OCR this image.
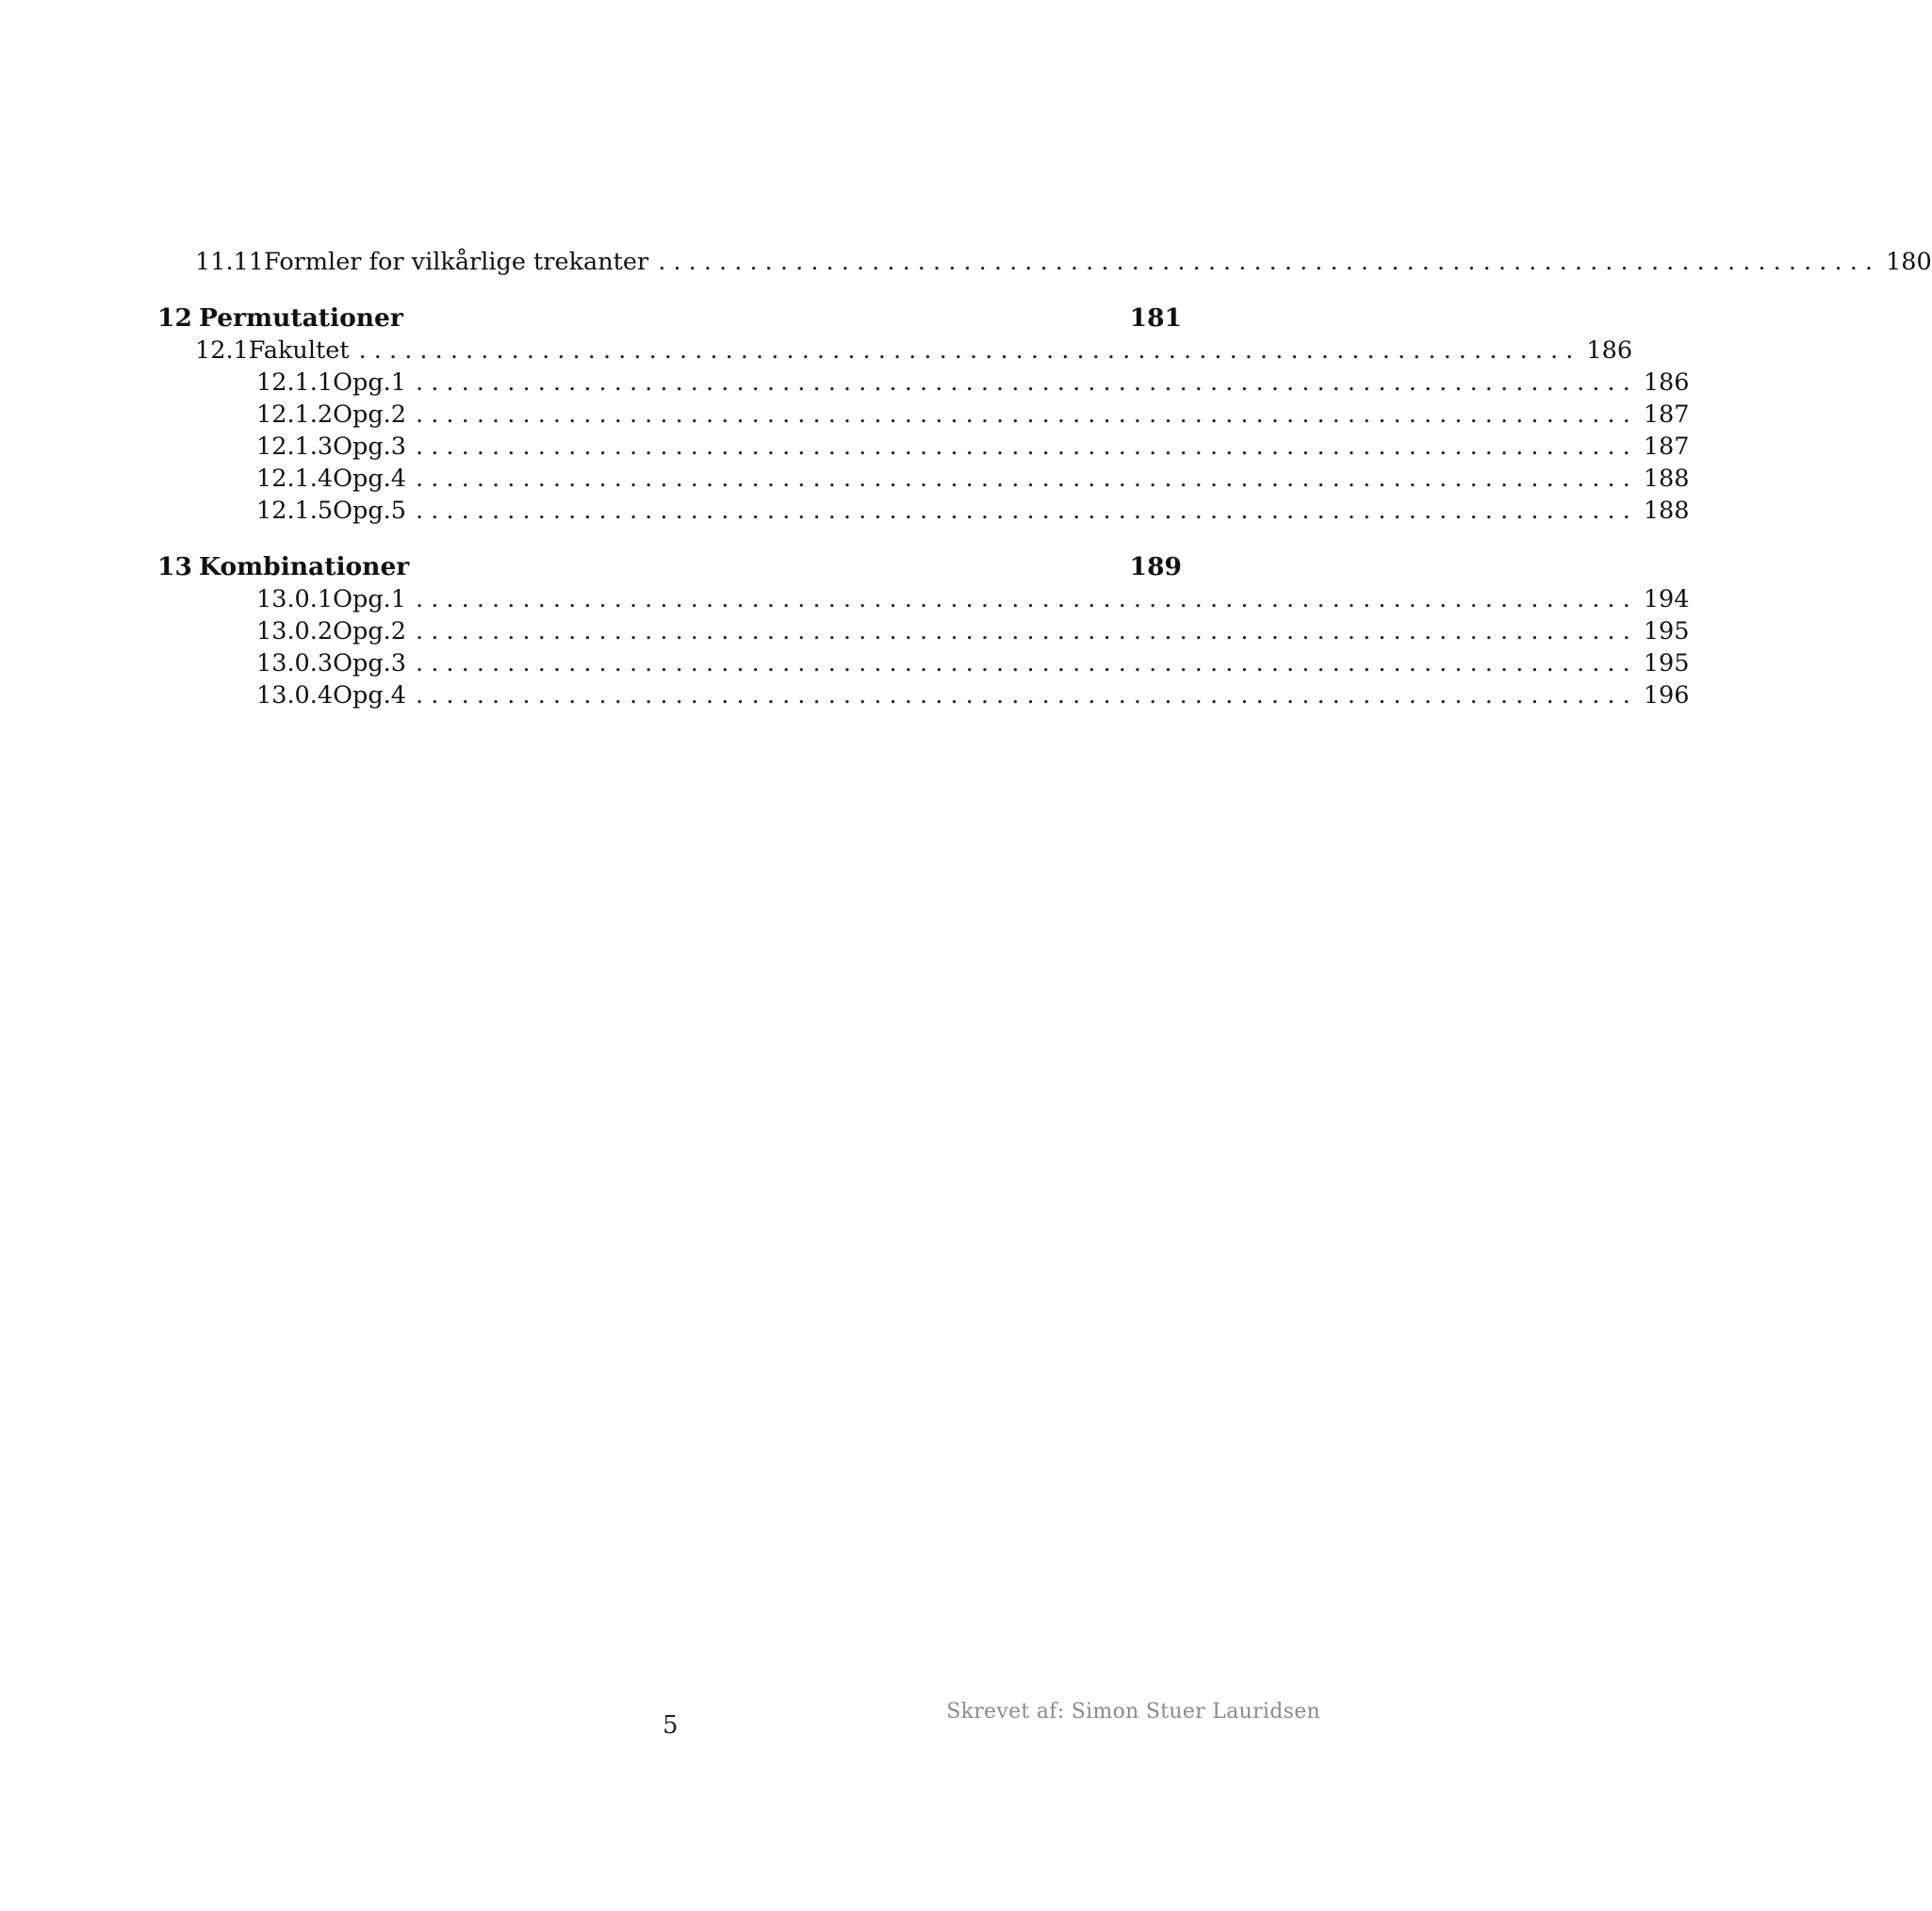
11.11 Formler for vilkårlige trekanter . . . . . . . . . . . . . . . . . . . . . . . . . . . . . . . . . . . . . . . . . . . . . . . . . . . . . . . . . . . . . . . . . . . . . . . . . . . . . . . . 180
12 Permutationer	181
12.1 Fakultet . . . . . . . . . . . . . . . . . . . . . . . . . . . . . . . . . . . . . . . . . . . . . . . . . . . . . . . . . . . . . . . . . . . . . . . . . . . . . . . . 186
12.1.1 Opg.1 . . . . . . . . . . . . . . . . . . . . . . . . . . . . . . . . . . . . . . . . . . . . . . . . . . . . . . . . . . . . . . . . . . . . . . . . . . . . . . . . 186
12.1.2 Opg.2 . . . . . . . . . . . . . . . . . . . . . . . . . . . . . . . . . . . . . . . . . . . . . . . . . . . . . . . . . . . . . . . . . . . . . . . . . . . . . . . . 187
12.1.3 Opg.3 . . . . . . . . . . . . . . . . . . . . . . . . . . . . . . . . . . . . . . . . . . . . . . . . . . . . . . . . . . . . . . . . . . . . . . . . . . . . . . . . 187
12.1.4 Opg.4 . . . . . . . . . . . . . . . . . . . . . . . . . . . . . . . . . . . . . . . . . . . . . . . . . . . . . . . . . . . . . . . . . . . . . . . . . . . . . . . . 188
12.1.5 Opg.5 . . . . . . . . . . . . . . . . . . . . . . . . . . . . . . . . . . . . . . . . . . . . . . . . . . . . . . . . . . . . . . . . . . . . . . . . . . . . . . . . 188
13 Kombinationer	189
13.0.1 Opg.1 . . . . . . . . . . . . . . . . . . . . . . . . . . . . . . . . . . . . . . . . . . . . . . . . . . . . . . . . . . . . . . . . . . . . . . . . . . . . . . . . 194
13.0.2 Opg.2 . . . . . . . . . . . . . . . . . . . . . . . . . . . . . . . . . . . . . . . . . . . . . . . . . . . . . . . . . . . . . . . . . . . . . . . . . . . . . . . . 195
13.0.3 Opg.3 . . . . . . . . . . . . . . . . . . . . . . . . . . . . . . . . . . . . . . . . . . . . . . . . . . . . . . . . . . . . . . . . . . . . . . . . . . . . . . . . 195
13.0.4 Opg.4 . . . . . . . . . . . . . . . . . . . . . . . . . . . . . . . . . . . . . . . . . . . . . . . . . . . . . . . . . . . . . . . . . . . . . . . . . . . . . . . . 196
Skrevet af: Simon Stuer Lauridsen
5
